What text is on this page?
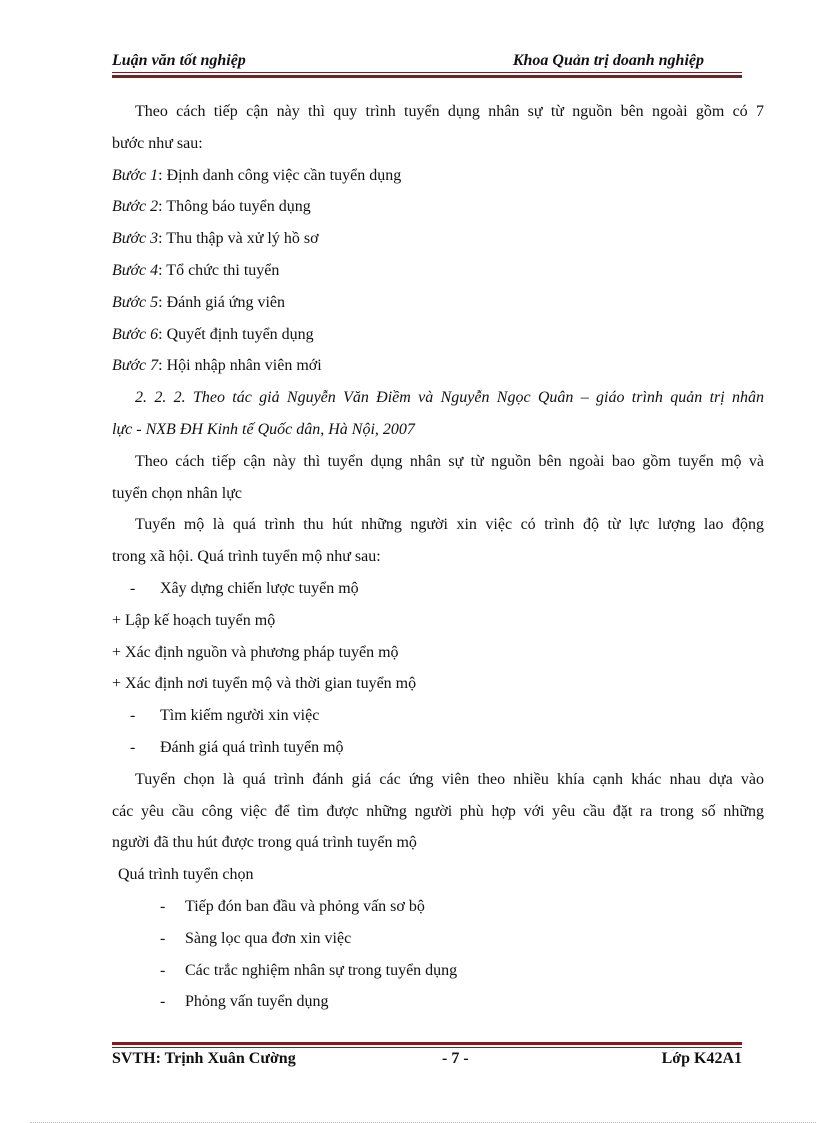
Luận văn tốt nghiệp	Khoa Quản trị doanh nghiệp
Theo cách tiếp cận này thì quy trình tuyển dụng nhân sự từ nguồn bên ngoài gồm có 7
bước như sau:
Bước 1: Định danh công việc cần tuyển dụng
Bước 2: Thông báo tuyển dụng
Bước 3: Thu thập và xử lý hồ sơ
Bước 4: Tổ chức thi tuyển
Bước 5: Đánh giá ứng viên
Bước 6: Quyết định tuyển dụng
Bước 7: Hội nhập nhân viên mới
2. 2. 2. Theo tác giả Nguyễn Văn Điềm và Nguyễn Ngọc Quân – giáo trình quản trị nhân
lực - NXB ĐH Kinh tế Quốc dân, Hà Nội, 2007
Theo cách tiếp cận này thì tuyển dụng nhân sự từ nguồn bên ngoài bao gồm tuyển mộ và
tuyển chọn nhân lực
Tuyển mộ là quá trình thu hút những người xin việc có trình độ từ lực lượng lao động
trong xã hội. Quá trình tuyển mộ như sau:
- Xây dựng chiến lược tuyển mộ
+ Lập kế hoạch tuyển mộ
+ Xác định nguồn và phương pháp tuyển mộ
+ Xác định nơi tuyển mộ và thời gian tuyển mộ
- Tìm kiếm người xin việc
- Đánh giá quá trình tuyển mộ
Tuyển chọn là quá trình đánh giá các ứng viên theo nhiều khía cạnh khác nhau dựa vào
các yêu cầu công việc để tìm được những người phù hợp với yêu cầu đặt ra trong số những
người đã thu hút được trong quá trình tuyển mộ
Quá trình tuyển chọn
- Tiếp đón ban đầu và phỏng vấn sơ bộ
- Sàng lọc qua đơn xin việc
- Các trắc nghiệm nhân sự trong tuyển dụng
- Phỏng vấn tuyển dụng
SVTH: Trịnh Xuân Cường	- 7 -	Lớp K42A1
